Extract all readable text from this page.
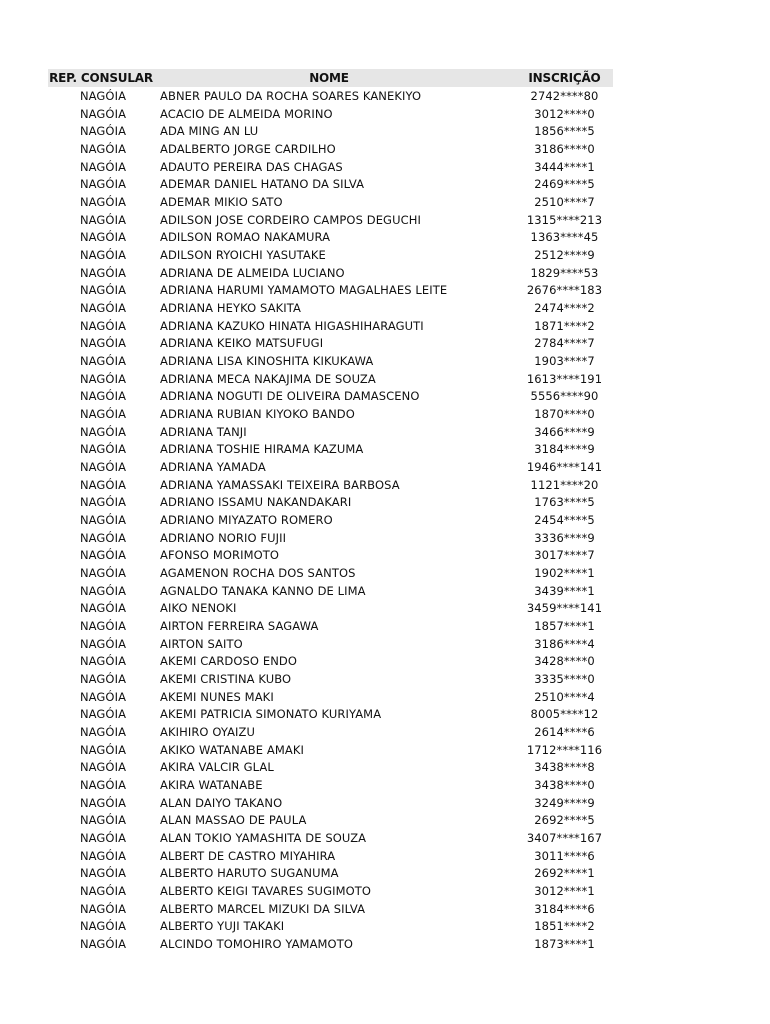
REP. CONSULAR	NOME	INSCRIÇÃO
NAGÓIA	ABNER PAULO DA ROCHA SOARES KANEKIYO	2742****80
NAGÓIA	ACACIO DE ALMEIDA MORINO	3012****0
NAGÓIA	ADA MING AN LU	1856****5
NAGÓIA	ADALBERTO JORGE CARDILHO	3186****0
NAGÓIA	ADAUTO PEREIRA DAS CHAGAS	3444****1
NAGÓIA	ADEMAR DANIEL HATANO DA SILVA	2469****5
NAGÓIA	ADEMAR MIKIO SATO	2510****7
NAGÓIA	ADILSON JOSE CORDEIRO CAMPOS DEGUCHI	1315****213
NAGÓIA	ADILSON ROMAO NAKAMURA	1363****45
NAGÓIA	ADILSON RYOICHI YASUTAKE	2512****9
NAGÓIA	ADRIANA DE ALMEIDA LUCIANO	1829****53
NAGÓIA	ADRIANA HARUMI YAMAMOTO MAGALHAES LEITE	2676****183
NAGÓIA	ADRIANA HEYKO SAKITA	2474****2
NAGÓIA	ADRIANA KAZUKO HINATA HIGASHIHARAGUTI	1871****2
NAGÓIA	ADRIANA KEIKO MATSUFUGI	2784****7
NAGÓIA	ADRIANA LISA KINOSHITA KIKUKAWA	1903****7
NAGÓIA	ADRIANA MECA NAKAJIMA DE SOUZA	1613****191
NAGÓIA	ADRIANA NOGUTI DE OLIVEIRA DAMASCENO	5556****90
NAGÓIA	ADRIANA RUBIAN KIYOKO BANDO	1870****0
NAGÓIA	ADRIANA TANJI	3466****9
NAGÓIA	ADRIANA TOSHIE HIRAMA KAZUMA	3184****9
NAGÓIA	ADRIANA YAMADA	1946****141
NAGÓIA	ADRIANA YAMASSAKI TEIXEIRA BARBOSA	1121****20
NAGÓIA	ADRIANO ISSAMU NAKANDAKARI	1763****5
NAGÓIA	ADRIANO MIYAZATO ROMERO	2454****5
NAGÓIA	ADRIANO NORIO FUJII	3336****9
NAGÓIA	AFONSO MORIMOTO	3017****7
NAGÓIA	AGAMENON ROCHA DOS SANTOS	1902****1
NAGÓIA	AGNALDO TANAKA KANNO DE LIMA	3439****1
NAGÓIA	AIKO NENOKI	3459****141
NAGÓIA	AIRTON FERREIRA SAGAWA	1857****1
NAGÓIA	AIRTON SAITO	3186****4
NAGÓIA	AKEMI CARDOSO ENDO	3428****0
NAGÓIA	AKEMI CRISTINA KUBO	3335****0
NAGÓIA	AKEMI NUNES MAKI	2510****4
NAGÓIA	AKEMI PATRICIA SIMONATO KURIYAMA	8005****12
NAGÓIA	AKIHIRO OYAIZU	2614****6
NAGÓIA	AKIKO WATANABE AMAKI	1712****116
NAGÓIA	AKIRA VALCIR GLAL	3438****8
NAGÓIA	AKIRA WATANABE	3438****0
NAGÓIA	ALAN DAIYO TAKANO	3249****9
NAGÓIA	ALAN MASSAO DE PAULA	2692****5
NAGÓIA	ALAN TOKIO YAMASHITA DE SOUZA	3407****167
NAGÓIA	ALBERT DE CASTRO MIYAHIRA	3011****6
NAGÓIA	ALBERTO HARUTO SUGANUMA	2692****1
NAGÓIA	ALBERTO KEIGI TAVARES SUGIMOTO	3012****1
NAGÓIA	ALBERTO MARCEL MIZUKI DA SILVA	3184****6
NAGÓIA	ALBERTO YUJI TAKAKI	1851****2
NAGÓIA	ALCINDO TOMOHIRO YAMAMOTO	1873****1
